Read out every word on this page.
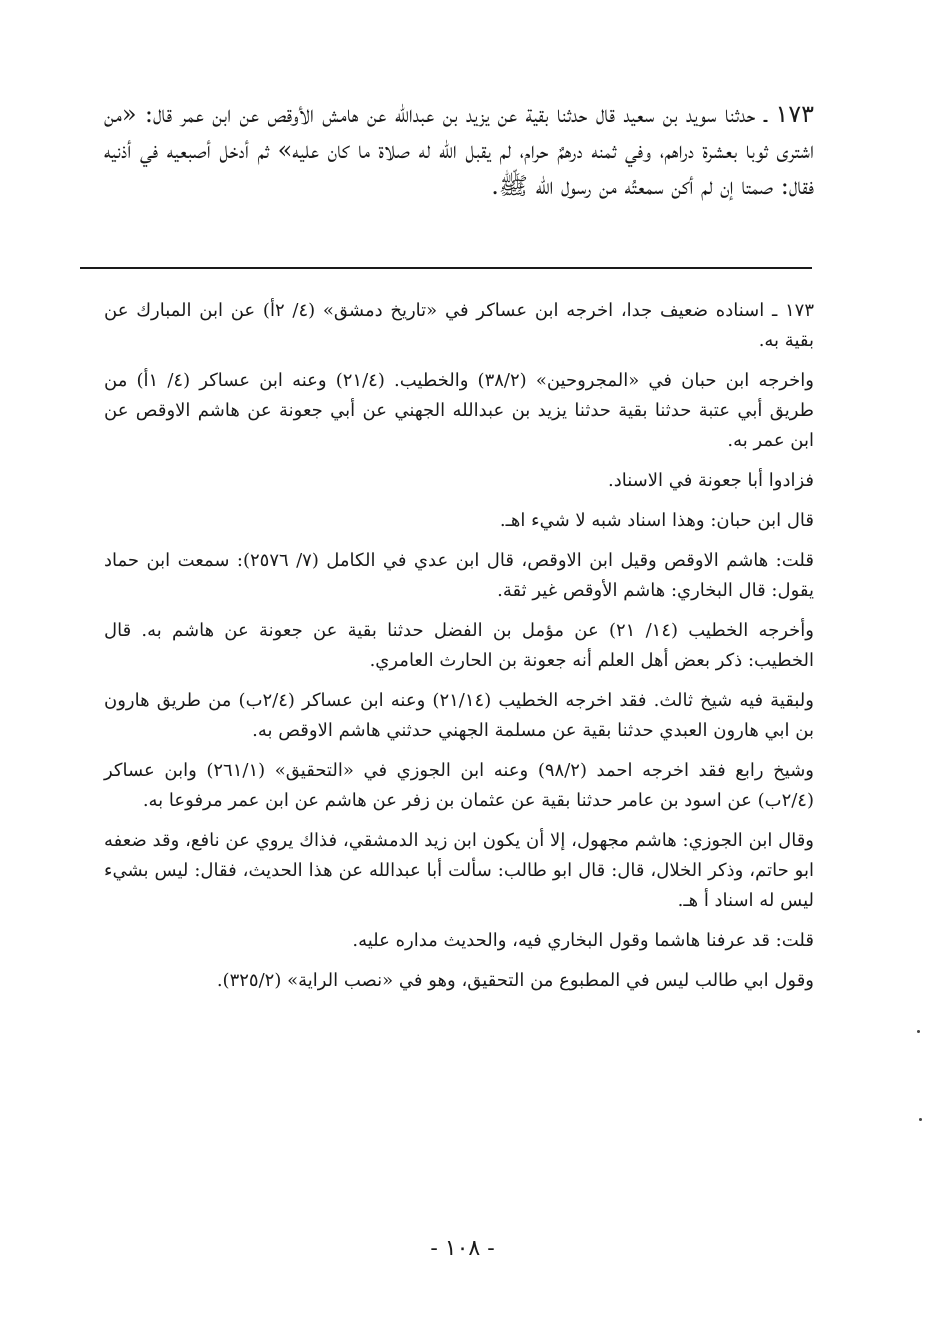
١٧٣ ـ حدثنا سويد بن سعيد قال حدثنا بقية عن يزيد بن عبدالله عن هامش الأوقص عن ابن عمر قال: «من اشترى ثوبا بعشرة دراهم، وفي ثمنه درهمٌ حرام، لم يقبل الله له صلاة ما كان عليه» ثم أدخل أصبعيه في أذنيه فقال: صمتا إن لم أكن سمعتُه من رسول الله ﷺ.

١٧٣ ـ اسناده ضعيف جدا، اخرجه ابن عساكر في «تاريخ دمشق» (٤/ ٢أ) عن ابن المبارك عن بقية به.

واخرجه ابن حبان في «المجروحين» (٣٨/٢) والخطيب. (٢١/٤) وعنه ابن عساكر (٤/ ١أ) من طريق أبي عتبة حدثنا بقية حدثنا يزيد بن عبدالله الجهني عن أبي جعونة عن هاشم الاوقص عن ابن عمر به.

فزادوا أبا جعونة في الاسناد.

قال ابن حبان: وهذا اسناد شبه لا شيء اهـ.

قلت: هاشم الاوقص وقيل ابن الاوقص، قال ابن عدي في الكامل (٧/ ٢٥٧٦): سمعت ابن حماد يقول: قال البخاري: هاشم الأوقص غير ثقة.

وأخرجه الخطيب (١٤/ ٢١) عن مؤمل بن الفضل حدثنا بقية عن جعونة عن هاشم به. قال الخطيب: ذكر بعض أهل العلم أنه جعونة بن الحارث العامري.

ولبقية فيه شيخ ثالث. فقد اخرجه الخطيب (٢١/١٤) وعنه ابن عساكر (٢/٤ب) من طريق هارون بن ابي هارون العبدي حدثنا بقية عن مسلمة الجهني حدثني هاشم الاوقص به.

وشيخ رابع فقد اخرجه احمد (٩٨/٢) وعنه ابن الجوزي في «التحقيق» (٢٦١/١) وابن عساكر (٢/٤ب) عن اسود بن عامر حدثنا بقية عن عثمان بن زفر عن هاشم عن ابن عمر مرفوعا به.

وقال ابن الجوزي: هاشم مجهول، إلا أن يكون ابن زيد الدمشقي، فذاك يروي عن نافع، وقد ضعفه ابو حاتم، وذكر الخلال، قال: قال ابو طالب: سألت أبا عبدالله عن هذا الحديث، فقال: ليس بشيء ليس له اسناد أ هـ.

قلت: قد عرفنا هاشما وقول البخاري فيه، والحديث مداره عليه.

وقول ابي طالب ليس في المطبوع من التحقيق، وهو في «نصب الراية» (٣٢٥/٢).

- ١٠٨ -
